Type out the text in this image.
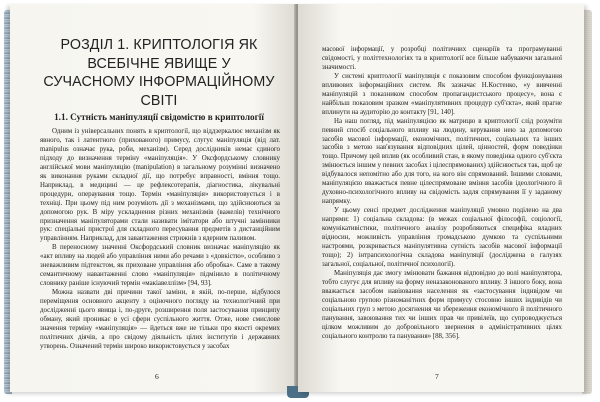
РОЗДІЛ 1. КРИПТОЛОГІЯ ЯК ВСЕБІЧНЕ ЯВИЩЕ У СУЧАСНОМУ ІНФОРМАЦІЙНОМУ СВІТІ
1.1. Сутність маніпуляції свідомістю в криптології

Одним із універсальних понять в криптології, що віддзеркалює механізм як явного, так і латентного (прихованого) примусу, слугує маніпуляція (від лат. manipulus означає рука, роби, механізм). Серед дослідників немає єдиного підходу до визначення терміну «маніпуляція». У Оксфордському словнику англійської мови маніпуляцію (manipulation) в загальному розумінні визначено як виконання руками складної дії, що потребує вправності, вміння тощо. Наприклад, в медицині — це рефлексотерапія, діагностика, лікувальні процедури, операування тощо. Термін «маніпуляція» використовується і в техніці. При цьому під ним розуміють дії з механізмами, що здійснюються за допомогою рук. В міру ускладнення різних механізмів (важелів) технічного призначення маніпуляторами стали називати імітатори або штучні замінники рук: спеціальні пристрої для складного пересування предметів з дистанційним управлінням. Наприклад, для завантаження стрижнів з ядерним паливом.

В переносному значенні Оксфордський словник визначає маніпуляцію як «акт впливу на людей або управління ними або речами з «довкістю», особливо з зневажливим підтекстом, як приховане управління або обробка». Саме в такому семантичному навантаженні слово «маніпуляція» підмінило в політичному словнику раніше існуючий термін «макіавеллізм» [94, 93].

Можна назвати дві причини такої заміни, в якій, по-перше, відбулося переміщення основного акценту з оціночного погляду на технологічний при дослідженні цього явища і, по-друге, розширення поля застосування принципу обману, який проникає в усі сфери суспільного життя. Отже, нове смислове значення терміну «маніпуляція» — йдеться вже не тільки про якості окремих політичних діячів, а про свідому діяльність цілих інститутів і державних утворень. Означений термін широко використовується у засобах

6

масової інформації, у розробці політичних сценаріїв та програмуванні свідомості, у політтехнологіях та в криптології все більше набуваючи загальної значимості.

У системі криптології маніпуляція є показовим способом функціонування впливових інформаційних систем. Як зазначає Н.Костенко, «у вивченні маніпуляцій з показником способом пропагандистського процесу», вона є найбільш показовим зразком «маніпулятивних процедур суб'єкта», який прагне вплинути на аудиторію до контакту [91, 140].

На наш погляд, під маніпуляцією як матрицю в криптології слід розуміти певний спосіб соціального впливу на людину, керування нею за допомогою засобів масової інформації, економічних, політичних, соціальних та інших засобів з метою нав'язування відповідних цілей, цінностей, форм поведінки тощо. Причому цей вплив (як особливий стан, в якому поведінка одного суб'єкта змінюється іншим у певних засобах і цілеспрямованих) здійснюється так, щоб це відбувалося непомітно або для того, на кого він спрямований. Іншими словами, маніпуляцією вважається певне цілеспрямоване вміння засобів ідеологічного й духовно-психологічного впливу на свідомість задля спрямування її у заданому напрямку.

У цьому сенсі предмет дослідження маніпуляції умовно поділено на два напрями: 1) соціальна складова: (в межах соціальної філософії, соціології, комунікативістики, політичного аналізу розробляються специфіка владних відносин, можливість управління громадською думкою та суспільними настроями, розкривається маніпулятивна сутність засобів масової інформації тощо); 2) інтрапсихологічна складова маніпуляції (досліджена в галузях загальної, соціальної, політичної психології).

Маніпуляція дає змогу змінювати бажання відповідно до волі маніпулятора, тобто слугує для впливу на форму неназаконованого впливу. З іншого боку, вона вважається засобом навіювання населення як «застосування індивідом чи соціальною групою різноманітних форм примусу стосовно інших індивідів чи соціальних груп з метою досягнення чи збереження економічного й політичного панування, завоювання тих чи інших прав чи привілеїв, що супроводжується цілком можливим до добровільного звернення в адміністративних цілях соціального контролю та панування» [88, 356].

7
